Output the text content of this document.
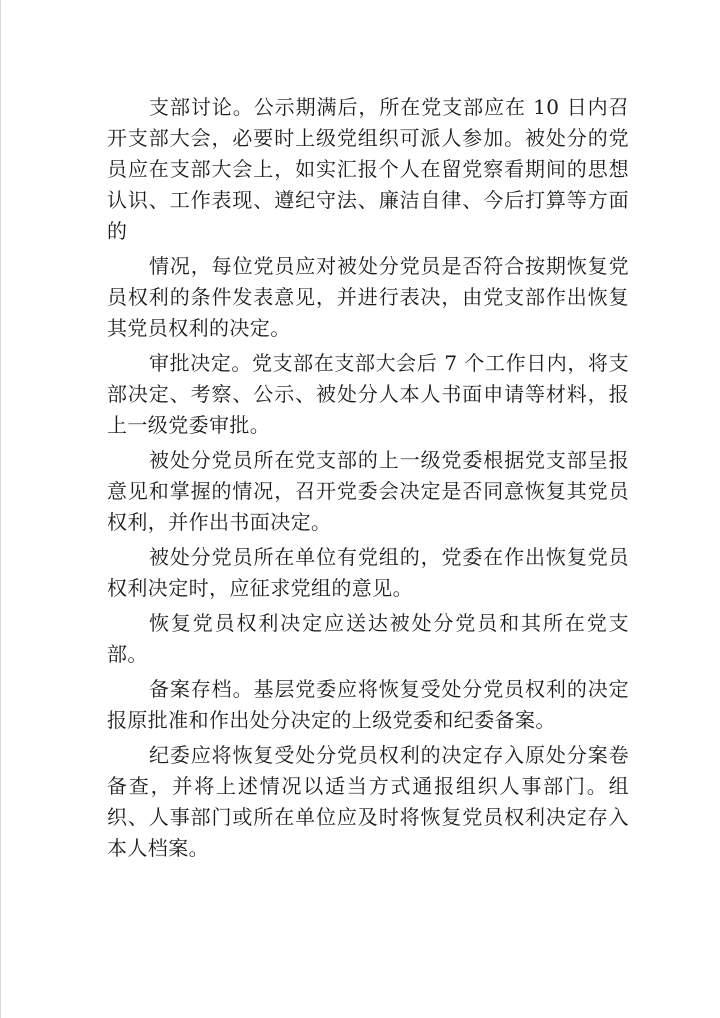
支部讨论。公示期满后，所在党支部应在 10 日内召开支部大会，必要时上级党组织可派人参加。被处分的党员应在支部大会上，如实汇报个人在留党察看期间的思想认识、工作表现、遵纪守法、廉洁自律、今后打算等方面的

情况，每位党员应对被处分党员是否符合按期恢复党员权利的条件发表意见，并进行表决，由党支部作出恢复其党员权利的决定。

审批决定。党支部在支部大会后 7 个工作日内，将支部决定、考察、公示、被处分人本人书面申请等材料，报上一级党委审批。

被处分党员所在党支部的上一级党委根据党支部呈报意见和掌握的情况，召开党委会决定是否同意恢复其党员权利，并作出书面决定。

被处分党员所在单位有党组的，党委在作出恢复党员权利决定时，应征求党组的意见。

恢复党员权利决定应送达被处分党员和其所在党支部。

备案存档。基层党委应将恢复受处分党员权利的决定报原批准和作出处分决定的上级党委和纪委备案。

纪委应将恢复受处分党员权利的决定存入原处分案卷备查，并将上述情况以适当方式通报组织人事部门。组织、人事部门或所在单位应及时将恢复党员权利决定存入本人档案。
